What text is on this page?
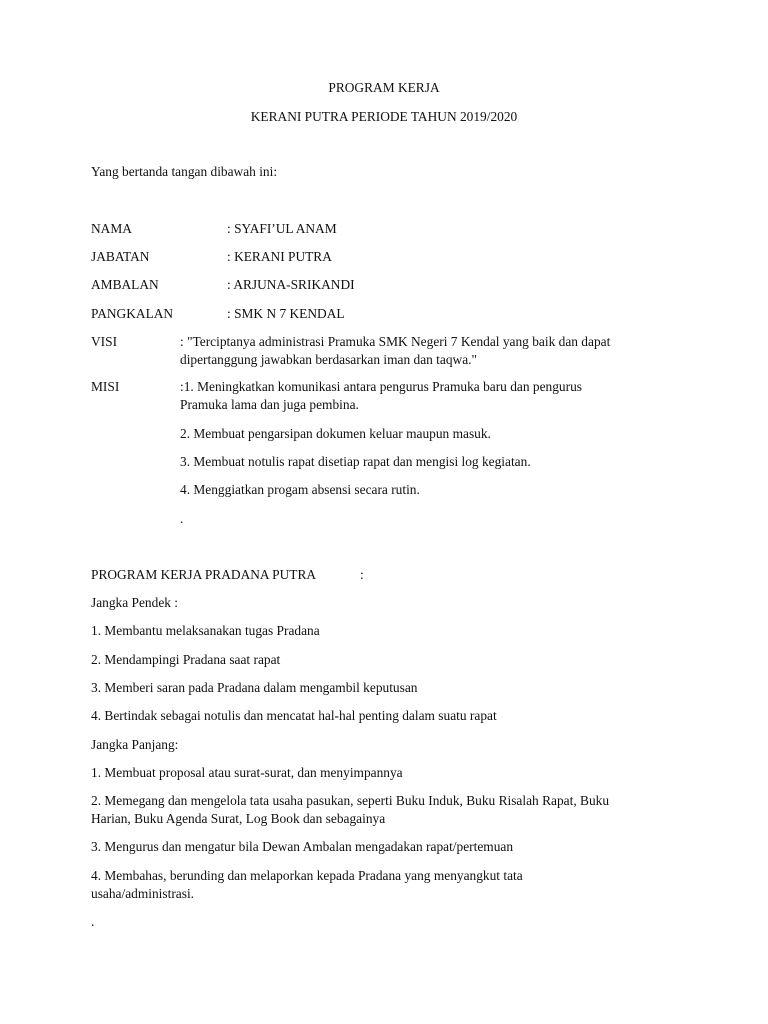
PROGRAM KERJA
KERANI PUTRA PERIODE TAHUN 2019/2020
Yang bertanda tangan dibawah ini:
NAMA	: SYAFI’UL ANAM
JABATAN	: KERANI PUTRA
AMBALAN	: ARJUNA-SRIKANDI
PANGKALAN	: SMK N 7 KENDAL
VISI	: "Terciptanya administrasi Pramuka SMK Negeri 7 Kendal yang baik dan dapat
dipertanggung jawabkan berdasarkan iman dan taqwa."
MISI	:1. Meningkatkan komunikasi antara pengurus Pramuka baru dan pengurus
Pramuka lama dan juga pembina.
2. Membuat pengarsipan dokumen keluar maupun masuk.
3. Membuat notulis rapat disetiap rapat dan mengisi log kegiatan.
4. Menggiatkan progam absensi secara rutin.
.
PROGRAM KERJA PRADANA PUTRA	:
Jangka Pendek :
1. Membantu melaksanakan tugas Pradana
2. Mendampingi Pradana saat rapat
3. Memberi saran pada Pradana dalam mengambil keputusan
4. Bertindak sebagai notulis dan mencatat hal-hal penting dalam suatu rapat
Jangka Panjang:
1. Membuat proposal atau surat-surat, dan menyimpannya
2. Memegang dan mengelola tata usaha pasukan, seperti Buku Induk, Buku Risalah Rapat, Buku
Harian, Buku Agenda Surat, Log Book dan sebagainya
3. Mengurus dan mengatur bila Dewan Ambalan mengadakan rapat/pertemuan
4. Membahas, berunding dan melaporkan kepada Pradana yang menyangkut tata
usaha/administrasi.
.
